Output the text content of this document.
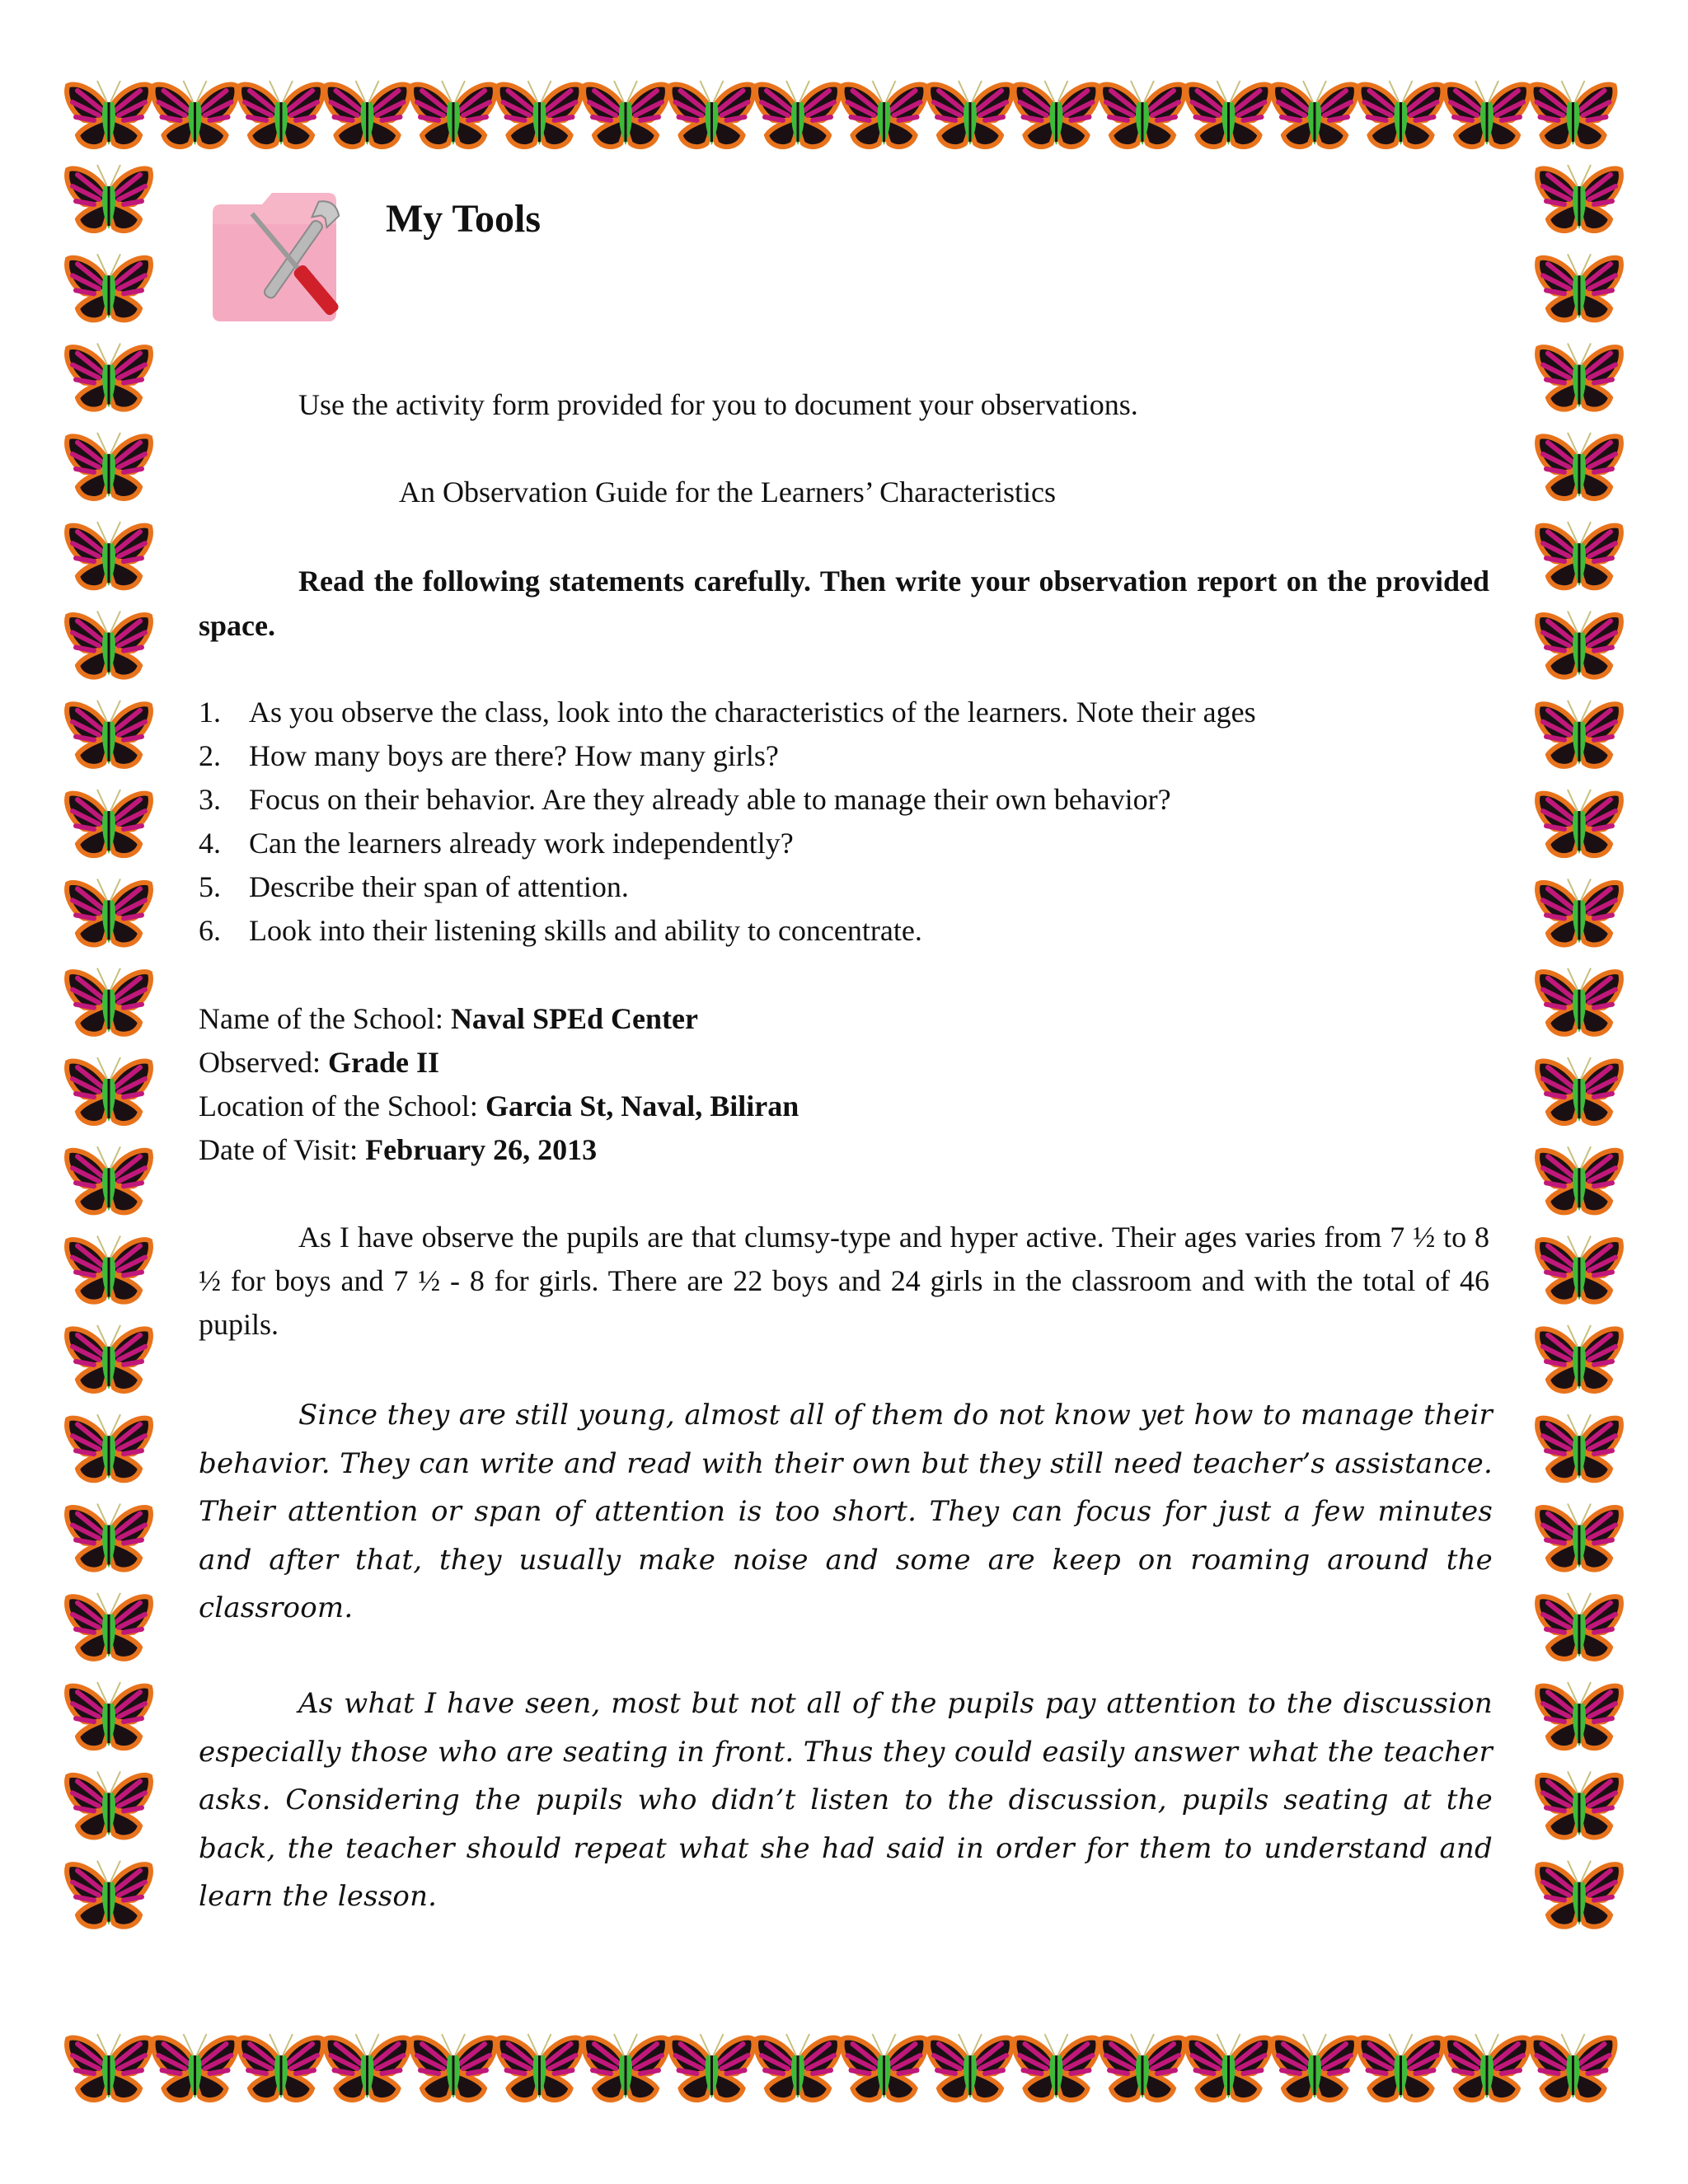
My Tools

Use the activity form provided for you to document your observations.

An Observation Guide for the Learners’ Characteristics

Read the following statements carefully. Then write your observation report on the provided space.

1. As you observe the class, look into the characteristics of the learners. Note their ages
2. How many boys are there? How many girls?
3. Focus on their behavior. Are they already able to manage their own behavior?
4. Can the learners already work independently?
5. Describe their span of attention.
6. Look into their listening skills and ability to concentrate.
Name of the School: Naval SPEd Center
Observed: Grade II
Location of the School: Garcia St, Naval, Biliran
Date of Visit: February 26, 2013

As I have observe the pupils are that clumsy-type and hyper active. Their ages varies from 7 ½ to 8 ½ for boys and 7 ½ - 8 for girls. There are 22 boys and 24 girls in the classroom and with the total of 46 pupils.

Since they are still young, almost all of them do not know yet how to manage their behavior. They can write and read with their own but they still need teacher’s assistance. Their attention or span of attention is too short. They can focus for just a few minutes and after that, they usually make noise and some are keep on roaming around the classroom.

As what I have seen, most but not all of the pupils pay attention to the discussion especially those who are seating in front. Thus they could easily answer what the teacher asks. Considering the pupils who didn’t listen to the discussion, pupils seating at the back, the teacher should repeat what she had said in order for them to understand and learn the lesson.
